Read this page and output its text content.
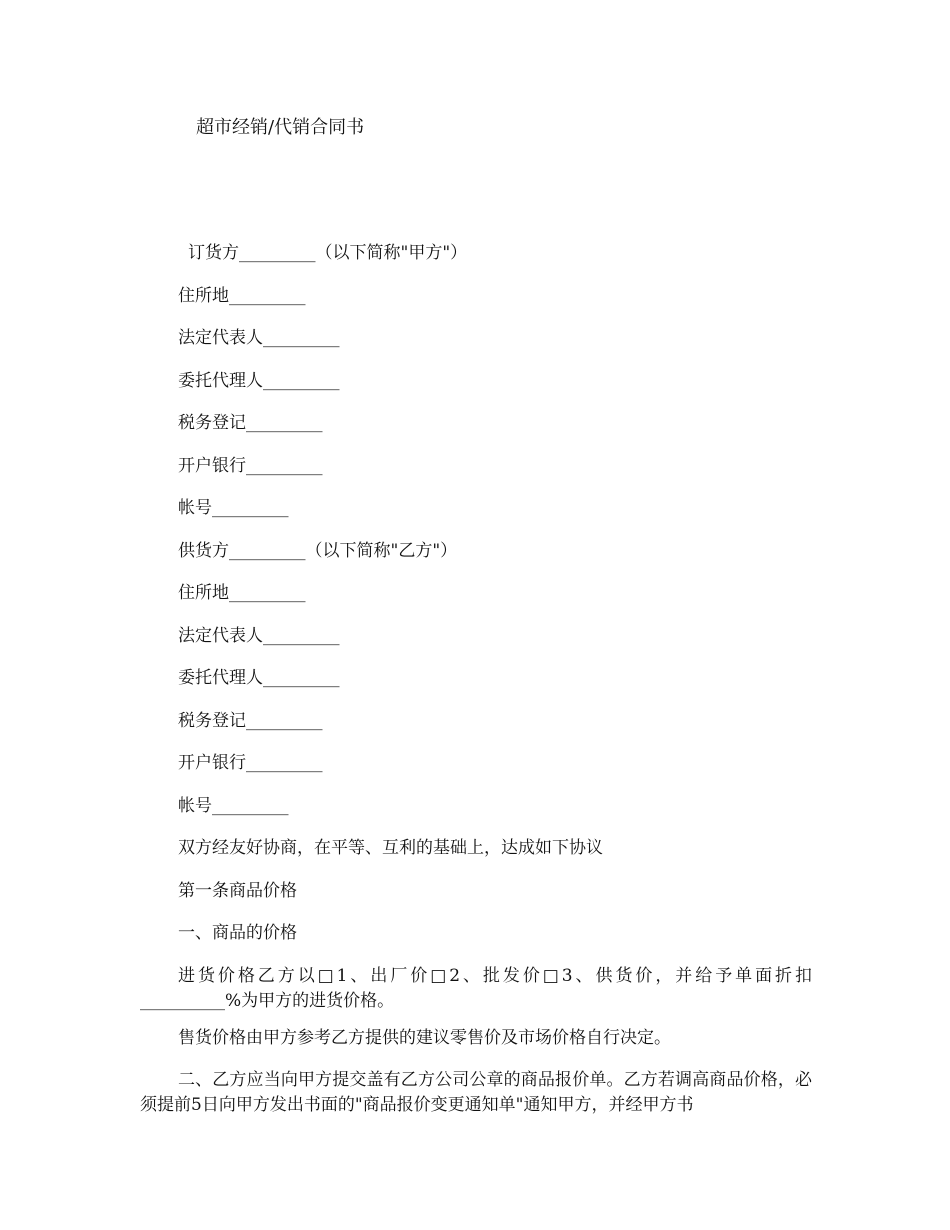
超市经销/代销合同书
订货方_________（以下简称"甲方"）
住所地_________
法定代表人_________
委托代理人_________
税务登记_________
开户银行_________
帐号_________
供货方_________（以下简称"乙方"）
住所地_________
法定代表人_________
委托代理人_________
税务登记_________
开户银行_________
帐号_________
双方经友好协商，在平等、互利的基础上，达成如下协议
第一条商品价格
一、商品的价格
进货价格乙方以□1、出厂价□2、批发价□3、供货价，并给予单面折扣__________%为甲方的进货价格。
售货价格由甲方参考乙方提供的建议零售价及市场价格自行决定。
二、乙方应当向甲方提交盖有乙方公司公章的商品报价单。乙方若调高商品价格，必须提前5日向甲方发出书面的"商品报价变更通知单"通知甲方，并经甲方书
